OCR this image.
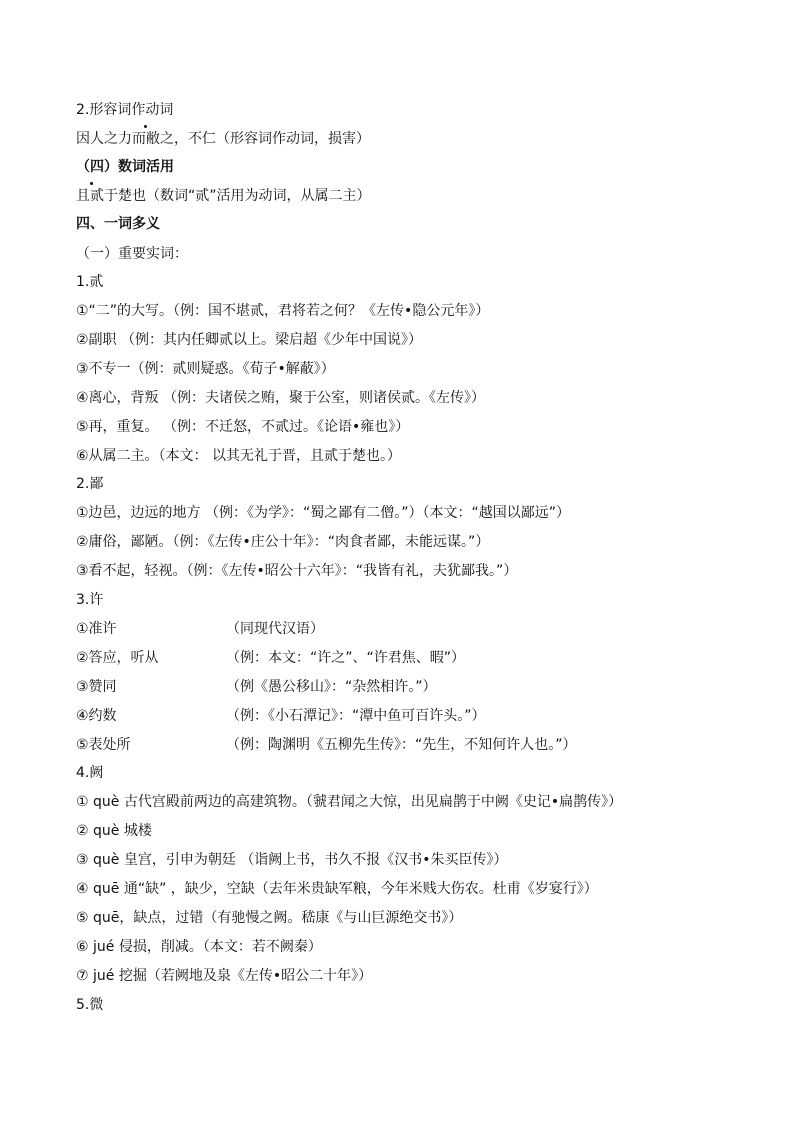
2.形容词作动词
因人之力而敝之，不仁（形容词作动词，损害）
（四）数词活用
且贰于楚也（数词“贰”活用为动词，从属二主）
四、一词多义
（一）重要实词：
1.贰
①“二”的大写。（例：国不堪贰，君将若之何？《左传•隐公元年》）
②副职 （例：其内任卿贰以上。梁启超《少年中国说》）
③不专一（例：贰则疑惑。《荀子•解蔽》）
④离心，背叛 （例：夫诸侯之贿，聚于公室，则诸侯贰。《左传》）
⑤再，重复。 （例：不迁怒，不贰过。《论语•雍也》）
⑥从属二主。（本文： 以其无礼于晋，且贰于楚也。）
2.鄙
①边邑，边远的地方 （例：《为学》：“蜀之鄙有二僧。”）（本文：“越国以鄙远”）
②庸俗，鄙陋。（例：《左传•庄公十年》：“肉食者鄙，未能远谋。”）
③看不起，轻视。（例：《左传•昭公十六年》：“我皆有礼，夫犹鄙我。”）
3.许
①准许	（同现代汉语）
②答应，听从	（例：本文：“许之”、“许君焦、暇”）
③赞同	（例《愚公移山》：“杂然相许。”）
④约数	（例：《小石潭记》：“潭中鱼可百许头。”）
⑤表处所	（例：陶渊明《五柳先生传》：“先生，不知何许人也。”）
4.阙
① què 古代宫殿前两边的高建筑物。（虢君闻之大惊，出见扁鹊于中阙《史记•扁鹊传》）
② què 城楼
③ què 皇宫，引申为朝廷 （诣阙上书，书久不报《汉书•朱买臣传》）
④ quē 通“缺” ，缺少，空缺（去年米贵缺军粮，今年米贱大伤农。杜甫《岁宴行》）
⑤ quē，缺点，过错（有驰慢之阙。嵇康《与山巨源绝交书》）
⑥ jué 侵损，削减。（本文：若不阙秦）
⑦ jué 挖掘（若阙地及泉《左传•昭公二十年》）
5.微
